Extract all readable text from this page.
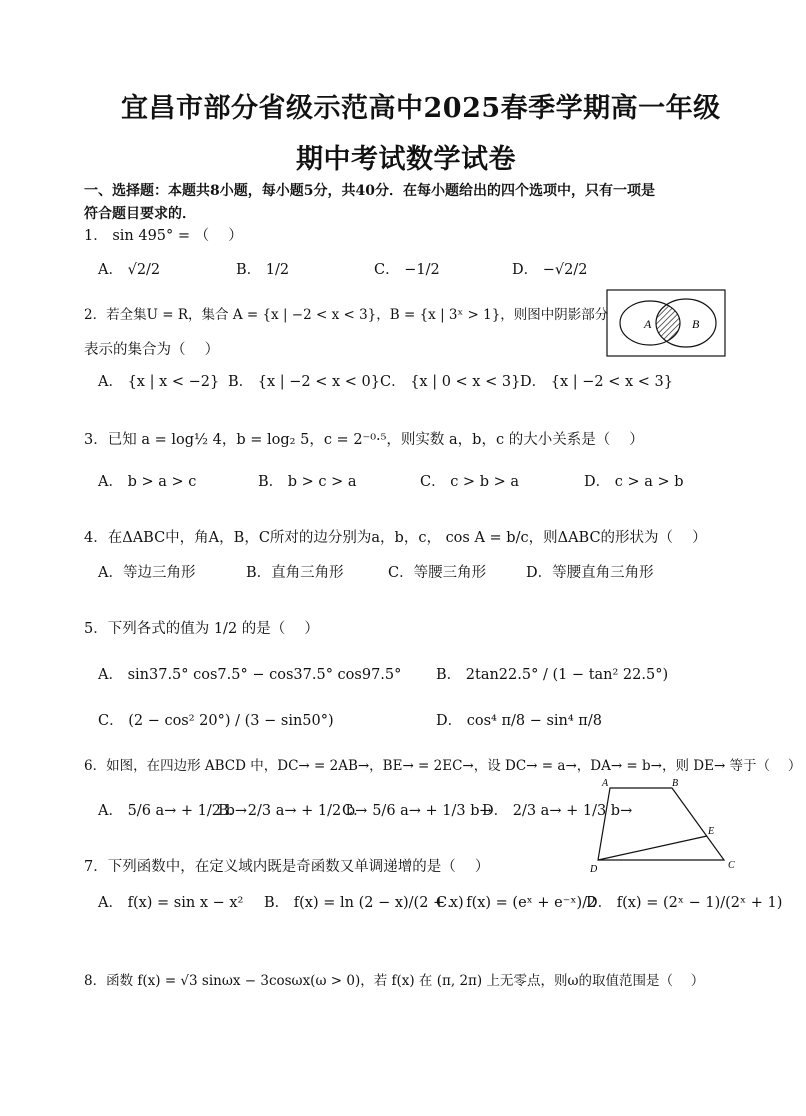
宜昌市部分省级示范高中2025春季学期高一年级
期中考试数学试卷
一、选择题：本题共8小题，每小题5分，共40分．在每小题给出的四个选项中，只有一项是
符合题目要求的．
1． sin 495° = （　 ）
A． √2/2	B． 1/2	C． −1/2	D． −√2/2
2．若全集U = R，集合 A = {x | −2 < x < 3}，B = {x | 3ˣ > 1}，则图中阴影部分
表示的集合为（　 ）
A	B
A． {x | x < −2} B． {x | −2 < x < 0} C． {x | 0 < x < 3} D． {x | −2 < x < 3}
3．已知 a = log½ 4，b = log₂ 5，c = 2⁻⁰·⁵，则实数 a，b，c 的大小关系是（　 ）
A． b > a > c	B． b > c > a	C． c > b > a	D． c > a > b
4．在ΔABC中，角A，B，C所对的边分别为a，b，c， cos A = b/c，则ΔABC的形状为（　 ）
A．等边三角形	B．直角三角形	C．等腰三角形	D．等腰直角三角形
5．下列各式的值为 1/2 的是（　 ）
A． sin37.5° cos7.5° − cos37.5° cos97.5° B． 2tan22.5° / (1 − tan² 22.5°)
C． (2 − cos² 20°) / (3 − sin50°)	D． cos⁴ π/8 − sin⁴ π/8
6．如图，在四边形 ABCD 中，DC→ = 2AB→，BE→ = 2EC→，设 DC→ = a→，DA→ = b→，则 DE→ 等于（　 ）
A． 5/6 a→ + 1/2 b→
B． 2/3 a→ + 1/2 b→
C． 5/6 a→ + 1/3 b→
D． 2/3 a→ + 1/3 b→
A	B
E
D	C
7．下列函数中，在定义域内既是奇函数又单调递增的是（　 ）
A． f(x) = sin x − x² B． f(x) = ln (2 − x)/(2 + x)
C． f(x) = (eˣ + e⁻ˣ)/2
D． f(x) = (2ˣ − 1)/(2ˣ + 1)
8．函数 f(x) = √3 sinωx − 3cosωx(ω > 0)，若 f(x) 在 (π, 2π) 上无零点，则ω的取值范围是（　 ）
